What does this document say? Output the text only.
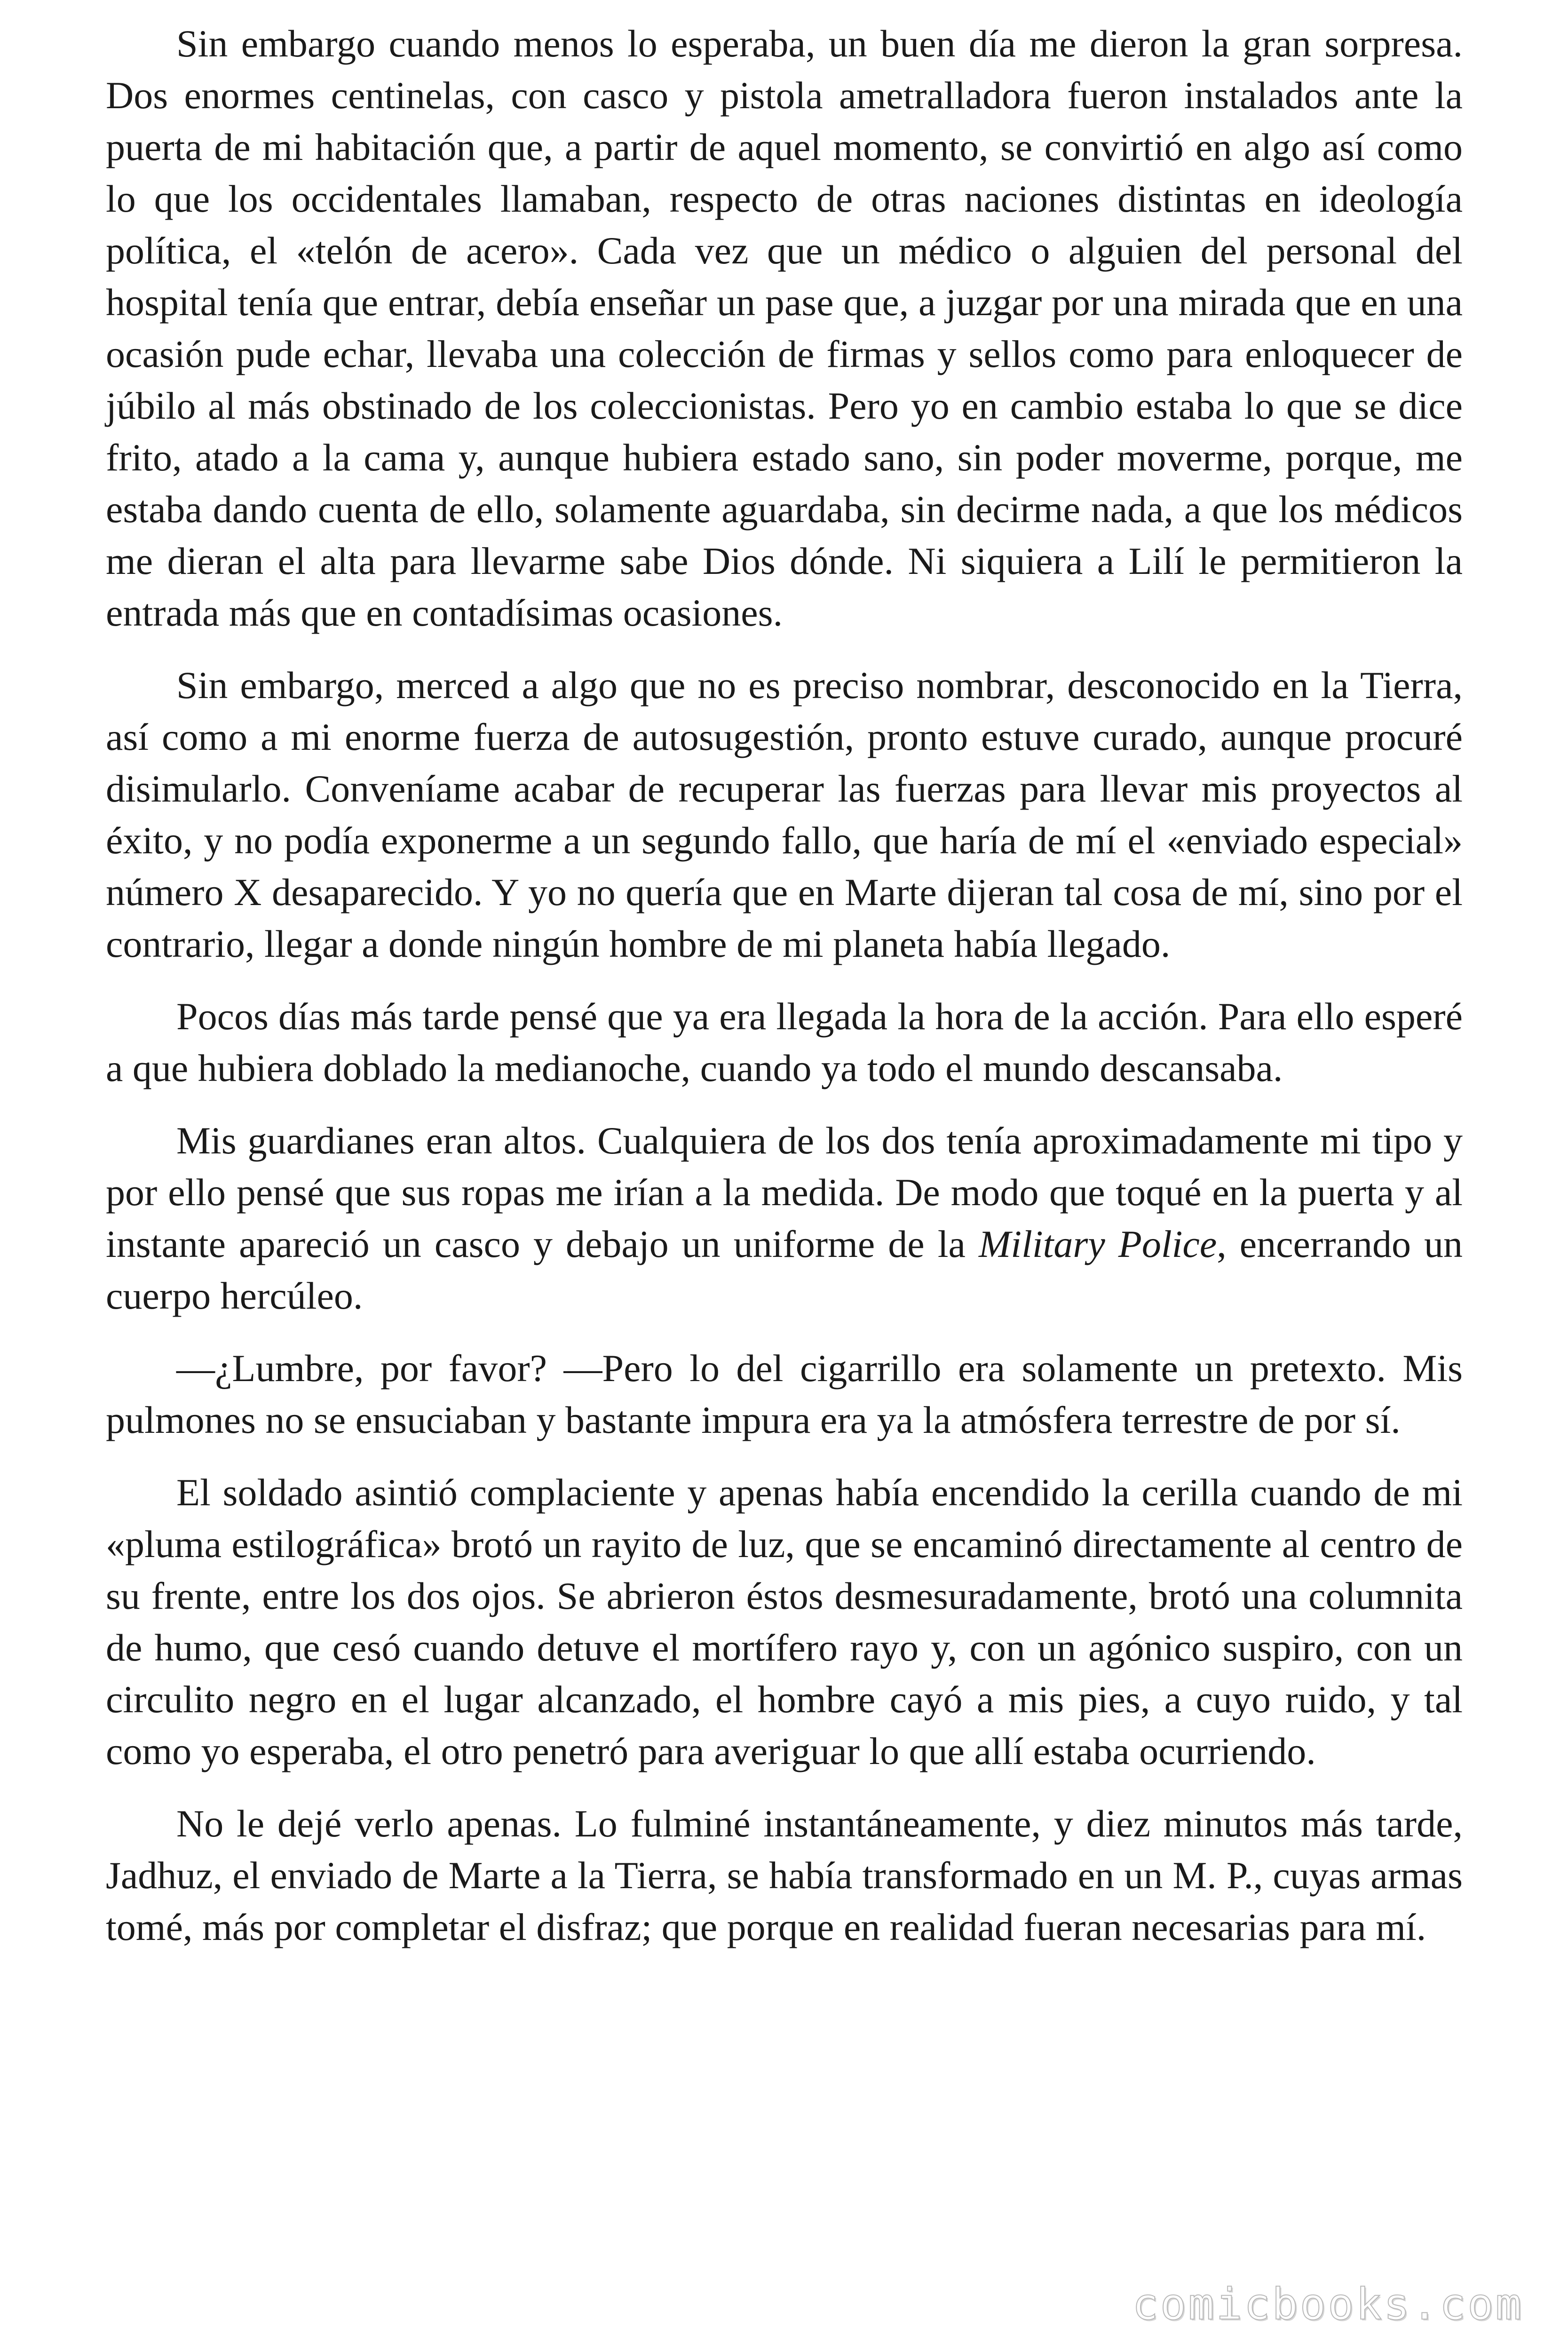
Sin embargo cuando menos lo esperaba, un buen día me dieron la gran sorpresa. Dos enormes centinelas, con casco y pistola ametralladora fueron instalados ante la puerta de mi habitación que, a partir de aquel momento, se convirtió en algo así como lo que los occidentales llamaban, respecto de otras naciones distintas en ideología política, el «telón de acero». Cada vez que un médico o alguien del personal del hospital tenía que entrar, debía enseñar un pase que, a juzgar por una mirada que en una ocasión pude echar, llevaba una colección de firmas y sellos como para enloquecer de júbilo al más obstinado de los coleccionistas. Pero yo en cambio estaba lo que se dice frito, atado a la cama y, aunque hubiera estado sano, sin poder moverme, porque, me estaba dando cuenta de ello, solamente aguardaba, sin decirme nada, a que los médicos me dieran el alta para llevarme sabe Dios dónde. Ni siquiera a Lilí le permitieron la entrada más que en contadísimas ocasiones.

Sin embargo, merced a algo que no es preciso nombrar, desconocido en la Tierra, así como a mi enorme fuerza de autosugestión, pronto estuve curado, aunque procuré disimularlo. Conveníame acabar de recuperar las fuerzas para llevar mis proyectos al éxito, y no podía exponerme a un segundo fallo, que haría de mí el «enviado especial» número X desaparecido. Y yo no quería que en Marte dijeran tal cosa de mí, sino por el contrario, llegar a donde ningún hombre de mi planeta había llegado.

Pocos días más tarde pensé que ya era llegada la hora de la acción. Para ello esperé a que hubiera doblado la medianoche, cuando ya todo el mundo descansaba.

Mis guardianes eran altos. Cualquiera de los dos tenía aproximadamente mi tipo y por ello pensé que sus ropas me irían a la medida. De modo que toqué en la puerta y al instante apareció un casco y debajo un uniforme de la Military Police, encerrando un cuerpo hercúleo.

—¿Lumbre, por favor? —Pero lo del cigarrillo era solamente un pretexto. Mis pulmones no se ensuciaban y bastante impura era ya la atmósfera terrestre de por sí.

El soldado asintió complaciente y apenas había encendido la cerilla cuando de mi «pluma estilográfica» brotó un rayito de luz, que se encaminó directamente al centro de su frente, entre los dos ojos. Se abrieron éstos desmesuradamente, brotó una columnita de humo, que cesó cuando detuve el mortífero rayo y, con un agónico suspiro, con un circulito negro en el lugar alcanzado, el hombre cayó a mis pies, a cuyo ruido, y tal como yo esperaba, el otro penetró para averiguar lo que allí estaba ocurriendo.

No le dejé verlo apenas. Lo fulminé instantáneamente, y diez minutos más tarde, Jadhuz, el enviado de Marte a la Tierra, se había transformado en un M. P., cuyas armas tomé, más por completar el disfraz; que porque en realidad fueran necesarias para mí.

comicbooks.com
